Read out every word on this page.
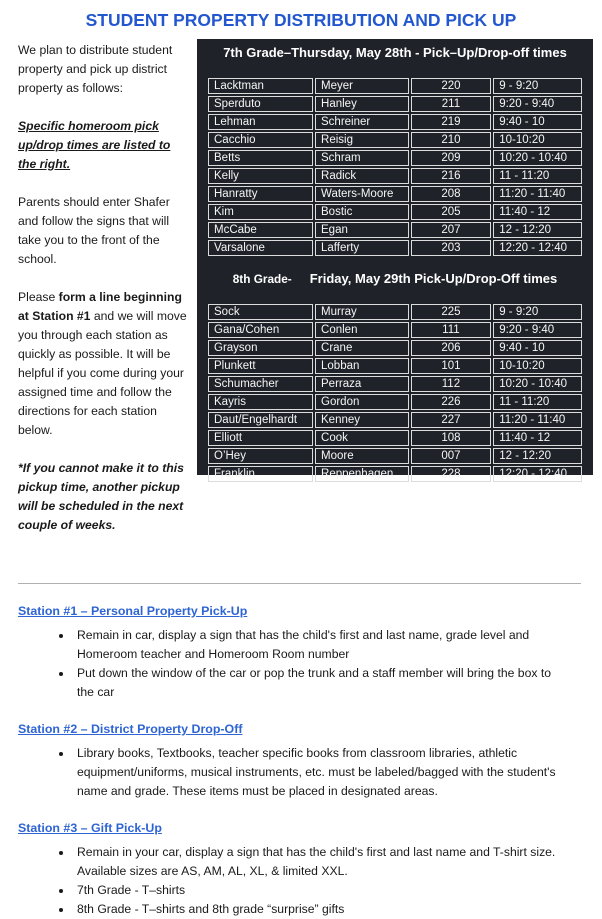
STUDENT PROPERTY DISTRIBUTION AND PICK UP

We plan to distribute student property and pick up district property as follows:

Specific homeroom pick up/drop times are listed to the right.

Parents should enter Shafer and follow the signs that will take you to the front of the school.

Please form a line beginning at Station #1 and we will move you through each station as quickly as possible. It will be helpful if you come during your assigned time and follow the directions for each station below.

*If you cannot make it to this pickup time, another pickup will be scheduled in the next couple of weeks.

7th Grade–Thursday, May 28th - Pick–Up/Drop-off times
Lacktman	Meyer	220	9 - 9:20
Sperduto	Hanley	211	9:20 - 9:40
Lehman	Schreiner	219	9:40 - 10
Cacchio	Reisig	210	10-10:20
Betts	Schram	209	10:20 - 10:40
Kelly	Radick	216	11 - 11:20
Hanratty	Waters-Moore	208	11:20 - 11:40
Kim	Bostic	205	11:40 - 12
McCabe	Egan	207	12 - 12:20
Varsalone	Lafferty	203	12:20 - 12:40
8th Grade- Friday, May 29th Pick-Up/Drop-Off times
Sock	Murray	225	9 - 9:20
Gana/Cohen	Conlen	111	9:20 - 9:40
Grayson	Crane	206	9:40 - 10
Plunkett	Lobban	101	10-10:20
Schumacher	Perraza	112	10:20 - 10:40
Kayris	Gordon	226	11 - 11:20
Daut/Engelhardt	Kenney	227	11:20 - 11:40
Elliott	Cook	108	11:40 - 12
O’Hey	Moore	007	12 - 12:20
Franklin	Reppenhagen	228	12:20 - 12:40

Station #1 – Personal Property Pick-Up

• Remain in car, display a sign that has the child's first and last name, grade level and Homeroom teacher and Homeroom Room number
• Put down the window of the car or pop the trunk and a staff member will bring the box to the car

Station #2 – District Property Drop-Off

• Library books, Textbooks, teacher specific books from classroom libraries, athletic equipment/uniforms, musical instruments, etc. must be labeled/bagged with the student's name and grade. These items must be placed in designated areas.

Station #3 – Gift Pick-Up

• Remain in your car, display a sign that has the child's first and last name and T-shirt size. Available sizes are AS, AM, AL, XL, & limited XXL.
• 7th Grade - T–shirts
• 8th Grade - T–shirts and 8th grade “surprise” gifts
